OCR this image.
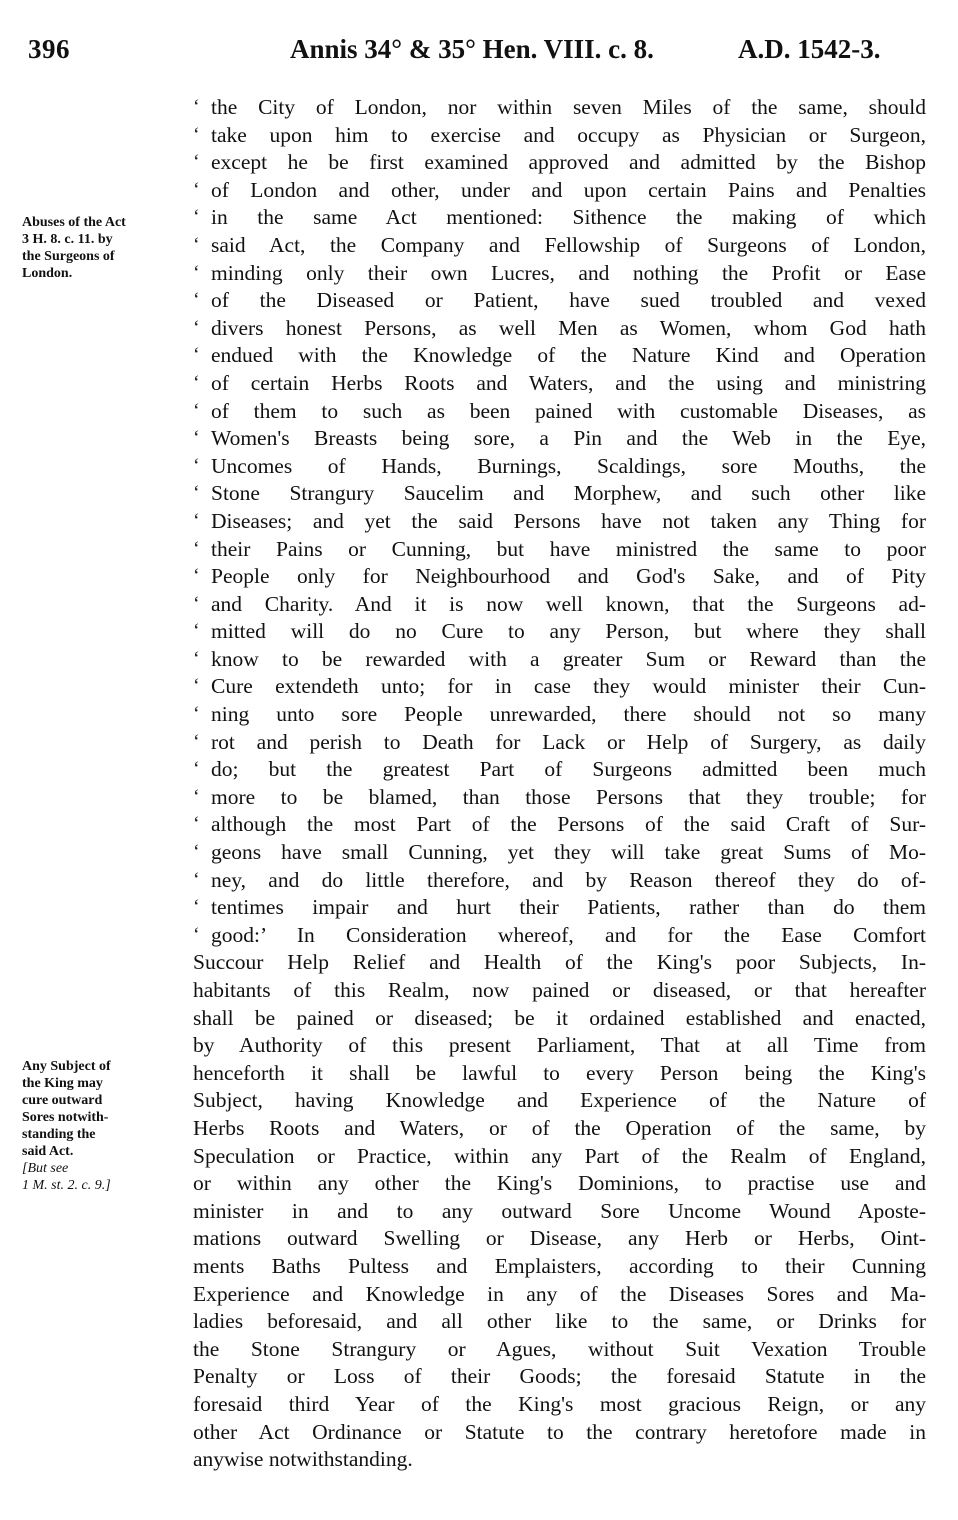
396	Annis 34° & 35° Hen. VIII. c. 8.	A.D. 1542-3.
Abuses of the Act
3 H. 8. c. 11. by
the Surgeons of
London.
Any Subject of
the King may
cure outward
Sores notwith-
standing the
said Act.
[But see
1 M. st. 2. c. 9.]
‘ the City of London, nor within seven Miles of the same, should
‘ take upon him to exercise and occupy as Physician or Surgeon,
‘ except he be first examined approved and admitted by the Bishop
‘ of London and other, under and upon certain Pains and Penalties
‘ in the same Act mentioned: Sithence the making of which
‘ said Act, the Company and Fellowship of Surgeons of London,
‘ minding only their own Lucres, and nothing the Profit or Ease
‘ of the Diseased or Patient, have sued troubled and vexed
‘ divers honest Persons, as well Men as Women, whom God hath
‘ endued with the Knowledge of the Nature Kind and Operation
‘ of certain Herbs Roots and Waters, and the using and ministring
‘ of them to such as been pained with customable Diseases, as
‘ Women's Breasts being sore, a Pin and the Web in the Eye,
‘ Uncomes of Hands, Burnings, Scaldings, sore Mouths, the
‘ Stone Strangury Saucelim and Morphew, and such other like
‘ Diseases; and yet the said Persons have not taken any Thing for
‘ their Pains or Cunning, but have ministred the same to poor
‘ People only for Neighbourhood and God's Sake, and of Pity
‘ and Charity. And it is now well known, that the Surgeons ad-
‘ mitted will do no Cure to any Person, but where they shall
‘ know to be rewarded with a greater Sum or Reward than the
‘ Cure extendeth unto; for in case they would minister their Cun-
‘ ning unto sore People unrewarded, there should not so many
‘ rot and perish to Death for Lack or Help of Surgery, as daily
‘ do; but the greatest Part of Surgeons admitted been much
‘ more to be blamed, than those Persons that they trouble; for
‘ although the most Part of the Persons of the said Craft of Sur-
‘ geons have small Cunning, yet they will take great Sums of Mo-
‘ ney, and do little therefore, and by Reason thereof they do of-
‘ tentimes impair and hurt their Patients, rather than do them
‘ good:’ In Consideration whereof, and for the Ease Comfort
Succour Help Relief and Health of the King's poor Subjects, In-
habitants of this Realm, now pained or diseased, or that hereafter
shall be pained or diseased; be it ordained established and enacted,
by Authority of this present Parliament, That at all Time from
henceforth it shall be lawful to every Person being the King's
Subject, having Knowledge and Experience of the Nature of
Herbs Roots and Waters, or of the Operation of the same, by
Speculation or Practice, within any Part of the Realm of England,
or within any other the King's Dominions, to practise use and
minister in and to any outward Sore Uncome Wound Aposte-
mations outward Swelling or Disease, any Herb or Herbs, Oint-
ments Baths Pultess and Emplaisters, according to their Cunning
Experience and Knowledge in any of the Diseases Sores and Ma-
ladies beforesaid, and all other like to the same, or Drinks for
the Stone Strangury or Agues, without Suit Vexation Trouble
Penalty or Loss of their Goods; the foresaid Statute in the
foresaid third Year of the King's most gracious Reign, or any
other Act Ordinance or Statute to the contrary heretofore made in
anywise notwithstanding.
